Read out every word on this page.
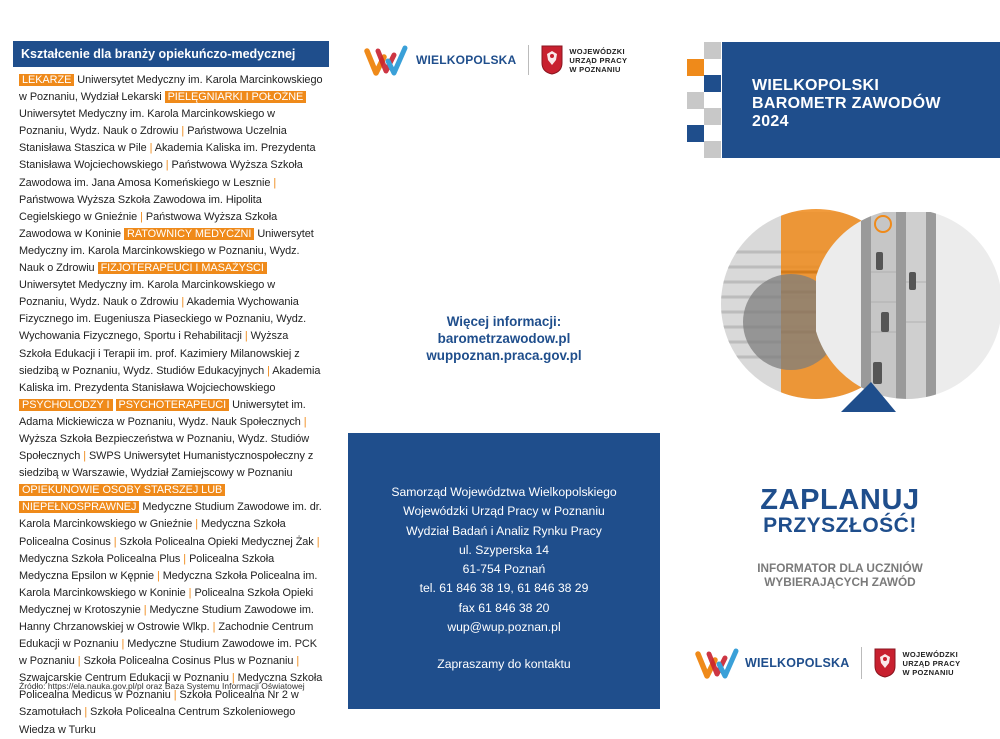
Kształcenie dla branży opiekuńczo-medycznej
LEKARZE Uniwersytet Medyczny im. Karola Marcinkowskiego w Poznaniu, Wydział Lekarski PIELĘGNIARKI I POŁOŻNE Uniwersytet Medyczny im. Karola Marcinkowskiego w Poznaniu, Wydz. Nauk o Zdrowiu | Państwowa Uczelnia Stanisława Staszica w Pile | Akademia Kaliska im. Prezydenta Stanisława Wojciechowskiego | Państwowa Wyższa Szkoła Zawodowa im. Jana Amosa Komeńskiego w Lesznie | Państwowa Wyższa Szkoła Zawodowa im. Hipolita Cegielskiego w Gnieźnie | Państwowa Wyższa Szkoła Zawodowa w Koninie RATOWNICY MEDYCZNI Uniwersytet Medyczny im. Karola Marcinkowskiego w Poznaniu, Wydz. Nauk o Zdrowiu FIZJOTERAPEUCI I MASAŻYŚCI Uniwersytet Medyczny im. Karola Marcinkowskiego w Poznaniu, Wydz. Nauk o Zdrowiu | Akademia Wychowania Fizycznego im. Eugeniusza Piaseckiego w Poznaniu, Wydz. Wychowania Fizycznego, Sportu i Rehabilitacji | Wyższa Szkoła Edukacji i Terapii im. prof. Kazimiery Milanowskiej z siedzibą w Poznaniu, Wydz. Studiów Edukacyjnych | Akademia Kaliska im. Prezydenta Stanisława Wojciechowskiego PSYCHOLODZY I PSYCHOTERAPEUCI Uniwersytet im. Adama Mickiewicza w Poznaniu, Wydz. Nauk Społecznych | Wyższa Szkoła Bezpieczeństwa w Poznaniu, Wydz. Studiów Społecznych | SWPS Uniwersytet Humanistycznospołeczny z siedzibą w Warszawie, Wydział Zamiejscowy w Poznaniu OPIEKUNOWIE OSOBY STARSZEJ LUB NIEPEŁNOSPRAWNEJ Medyczne Studium Zawodowe im. dr. Karola Marcinkowskiego w Gnieźnie | Medyczna Szkoła Policealna Cosinus | Szkoła Policealna Opieki Medycznej Żak | Medyczna Szkoła Policealna Plus | Policealna Szkoła Medyczna Epsilon w Kępnie | Medyczna Szkoła Policealna im. Karola Marcinkowskiego w Koninie | Policealna Szkoła Opieki Medycznej w Krotoszynie | Medyczne Studium Zawodowe im. Hanny Chrzanowskiej w Ostrowie Wlkp. | Zachodnie Centrum Edukacji w Poznaniu | Medyczne Studium Zawodowe im. PCK w Poznaniu | Szkoła Policealna Cosinus Plus w Poznaniu | Szwajcarskie Centrum Edukacji w Poznaniu | Medyczna Szkoła Policealna Medicus w Poznaniu | Szkoła Policealna Nr 2 w Szamotułach | Szkoła Policealna Centrum Szkoleniowego Wiedza w Turku
Źródło: https://ela.nauka.gov.pl/pl oraz Baza Systemu Informacji Oświatowej
WIELKOPOLSKA
WOJEWÓDZKI
URZĄD PRACY
W POZNANIU
Więcej informacji:
barometrzawodow.pl
wuppoznan.praca.gov.pl
Samorząd Województwa Wielkopolskiego
Wojewódzki Urząd Pracy w Poznaniu
Wydział Badań i Analiz Rynku Pracy
ul. Szyperska 14
61-754 Poznań
tel. 61 846 38 19, 61 846 38 29
fax 61 846 38 20
wup@wup.poznan.pl
Zapraszamy do kontaktu
WIELKOPOLSKI
BAROMETR ZAWODÓW
2024
ZAPLANUJ
PRZYSZŁOŚĆ!
INFORMATOR DLA UCZNIÓW
WYBIERAJĄCYCH ZAWÓD
WIELKOPOLSKA
WOJEWÓDZKI
URZĄD PRACY
W POZNANIU
